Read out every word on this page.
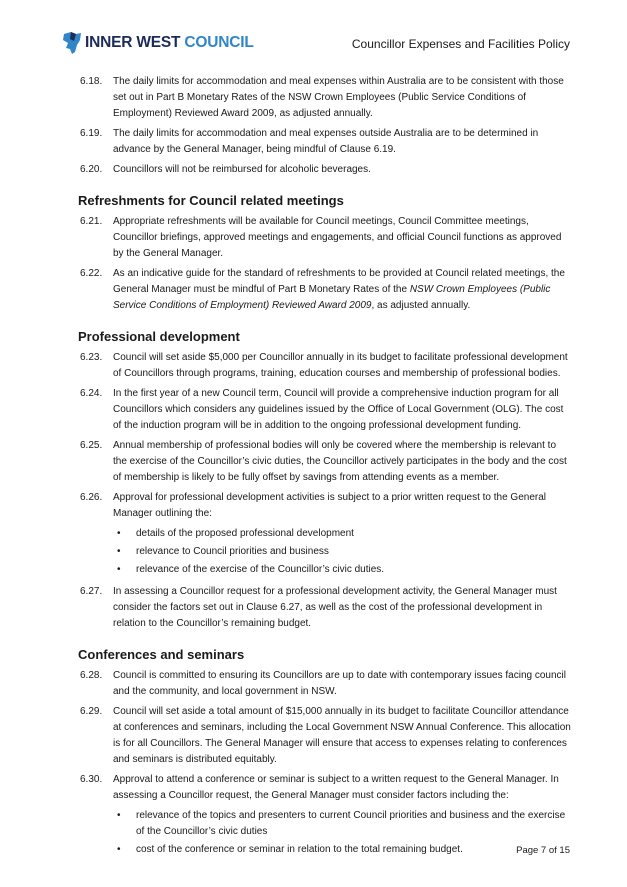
INNER WEST COUNCIL	Councillor Expenses and Facilities Policy
6.18.	The daily limits for accommodation and meal expenses within Australia are to be consistent with those set out in Part B Monetary Rates of the NSW Crown Employees (Public Service Conditions of Employment) Reviewed Award 2009, as adjusted annually.
6.19.	The daily limits for accommodation and meal expenses outside Australia are to be determined in advance by the General Manager, being mindful of Clause 6.19.
6.20.	Councillors will not be reimbursed for alcoholic beverages.
Refreshments for Council related meetings
6.21.	Appropriate refreshments will be available for Council meetings, Council Committee meetings, Councillor briefings, approved meetings and engagements, and official Council functions as approved by the General Manager.
6.22.	As an indicative guide for the standard of refreshments to be provided at Council related meetings, the General Manager must be mindful of Part B Monetary Rates of the NSW Crown Employees (Public Service Conditions of Employment) Reviewed Award 2009, as adjusted annually.
Professional development
6.23.	Council will set aside $5,000 per Councillor annually in its budget to facilitate professional development of Councillors through programs, training, education courses and membership of professional bodies.
6.24.	In the first year of a new Council term, Council will provide a comprehensive induction program for all Councillors which considers any guidelines issued by the Office of Local Government (OLG). The cost of the induction program will be in addition to the ongoing professional development funding.
6.25.	Annual membership of professional bodies will only be covered where the membership is relevant to the exercise of the Councillor’s civic duties, the Councillor actively participates in the body and the cost of membership is likely to be fully offset by savings from attending events as a member.
6.26.	Approval for professional development activities is subject to a prior written request to the General Manager outlining the:
• details of the proposed professional development
• relevance to Council priorities and business
• relevance of the exercise of the Councillor’s civic duties.
6.27.	In assessing a Councillor request for a professional development activity, the General Manager must consider the factors set out in Clause 6.27, as well as the cost of the professional development in relation to the Councillor’s remaining budget.
Conferences and seminars
6.28.	Council is committed to ensuring its Councillors are up to date with contemporary issues facing council and the community, and local government in NSW.
6.29.	Council will set aside a total amount of $15,000 annually in its budget to facilitate Councillor attendance at conferences and seminars, including the Local Government NSW Annual Conference. This allocation is for all Councillors. The General Manager will ensure that access to expenses relating to conferences and seminars is distributed equitably.
6.30.	Approval to attend a conference or seminar is subject to a written request to the General Manager. In assessing a Councillor request, the General Manager must consider factors including the:
• relevance of the topics and presenters to current Council priorities and business and the exercise of the Councillor’s civic duties
• cost of the conference or seminar in relation to the total remaining budget.	Page 7 of 15
